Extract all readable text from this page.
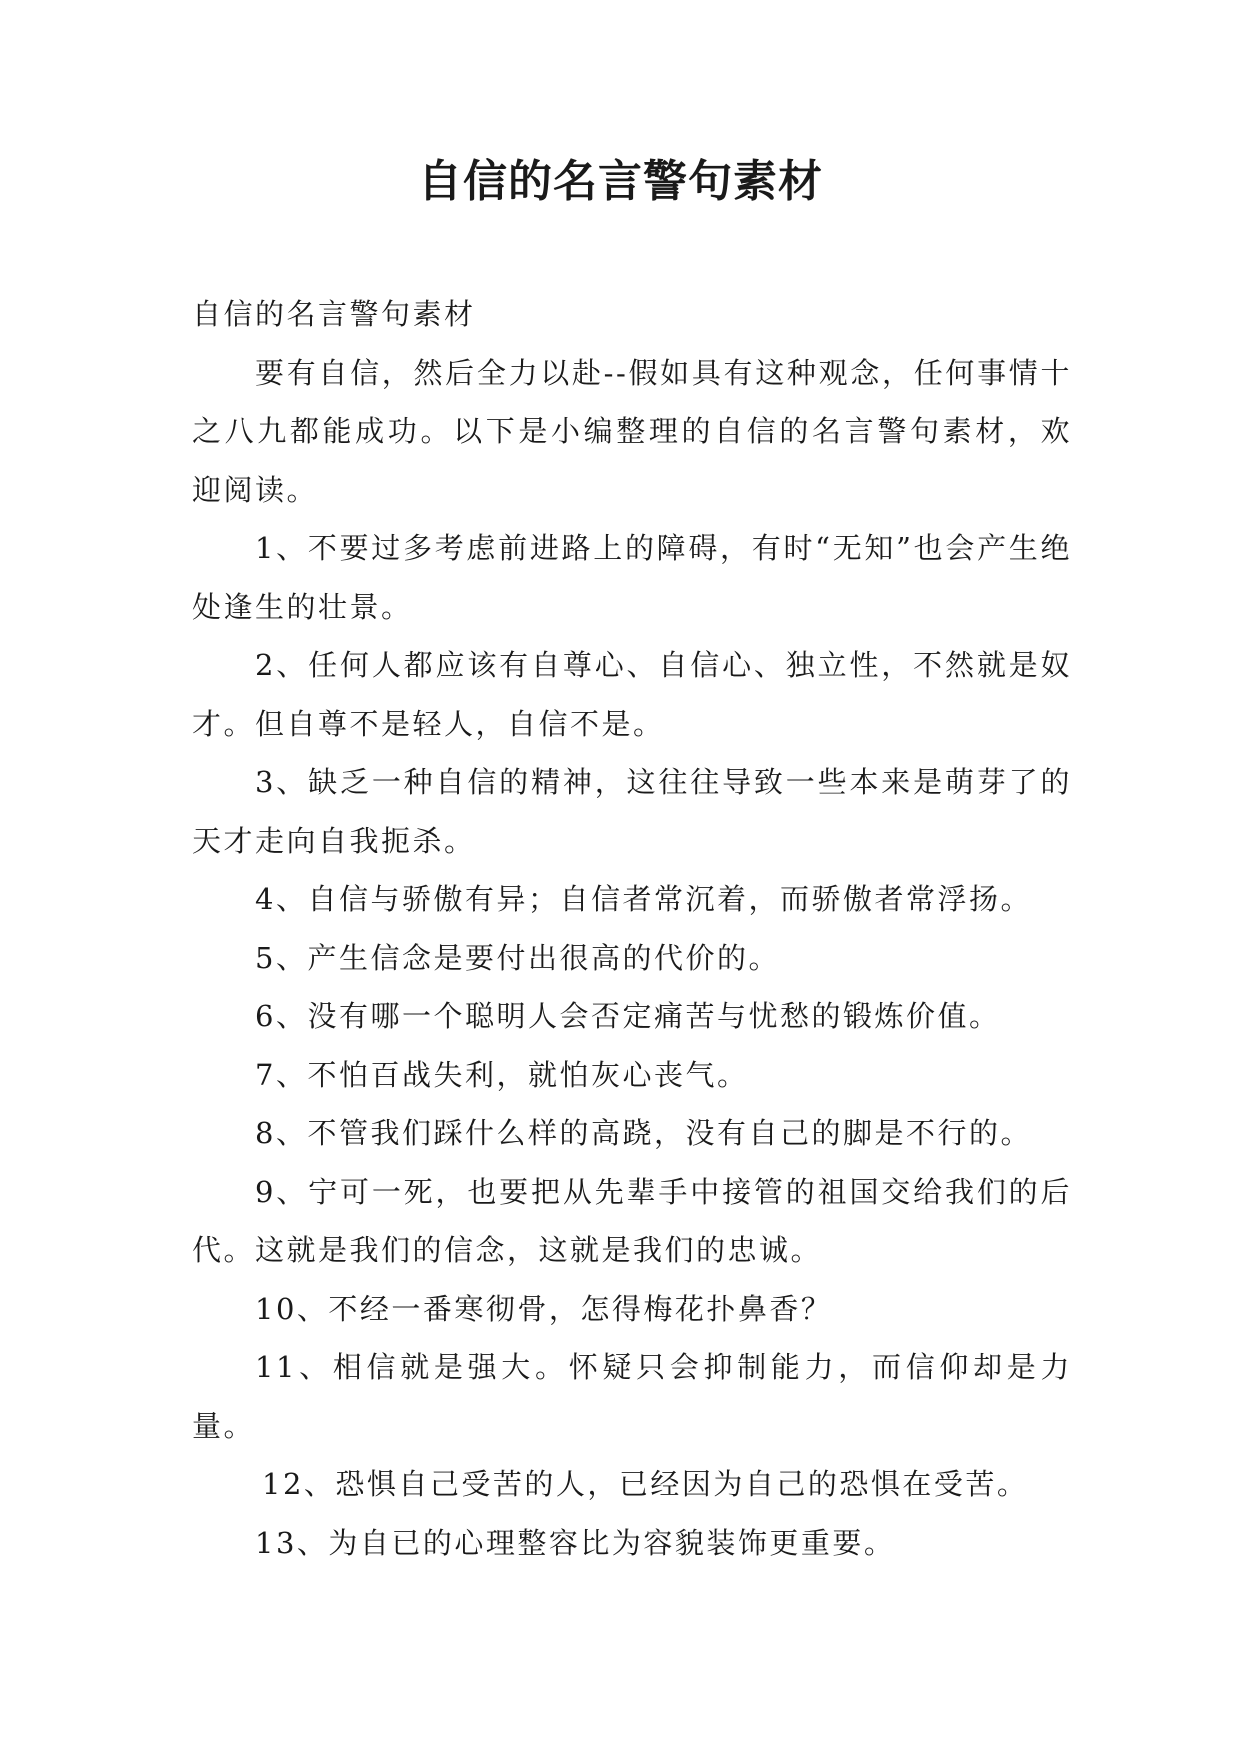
自信的名言警句素材

自信的名言警句素材

要有自信，然后全力以赴--假如具有这种观念，任何事情十之八九都能成功。以下是小编整理的自信的名言警句素材，欢迎阅读。

1、不要过多考虑前进路上的障碍，有时“无知”也会产生绝处逢生的壮景。

2、任何人都应该有自尊心、自信心、独立性，不然就是奴才。但自尊不是轻人，自信不是。

3、缺乏一种自信的精神，这往往导致一些本来是萌芽了的天才走向自我扼杀。

4、自信与骄傲有异；自信者常沉着，而骄傲者常浮扬。

5、产生信念是要付出很高的代价的。

6、没有哪一个聪明人会否定痛苦与忧愁的锻炼价值。

7、不怕百战失利，就怕灰心丧气。

8、不管我们踩什么样的高跷，没有自己的脚是不行的。

9、宁可一死，也要把从先辈手中接管的祖国交给我们的后代。这就是我们的信念，这就是我们的忠诚。

10、不经一番寒彻骨，怎得梅花扑鼻香？

11、相信就是强大。怀疑只会抑制能力，而信仰却是力量。

12、恐惧自己受苦的人，已经因为自己的恐惧在受苦。

13、为自已的心理整容比为容貌装饰更重要。
